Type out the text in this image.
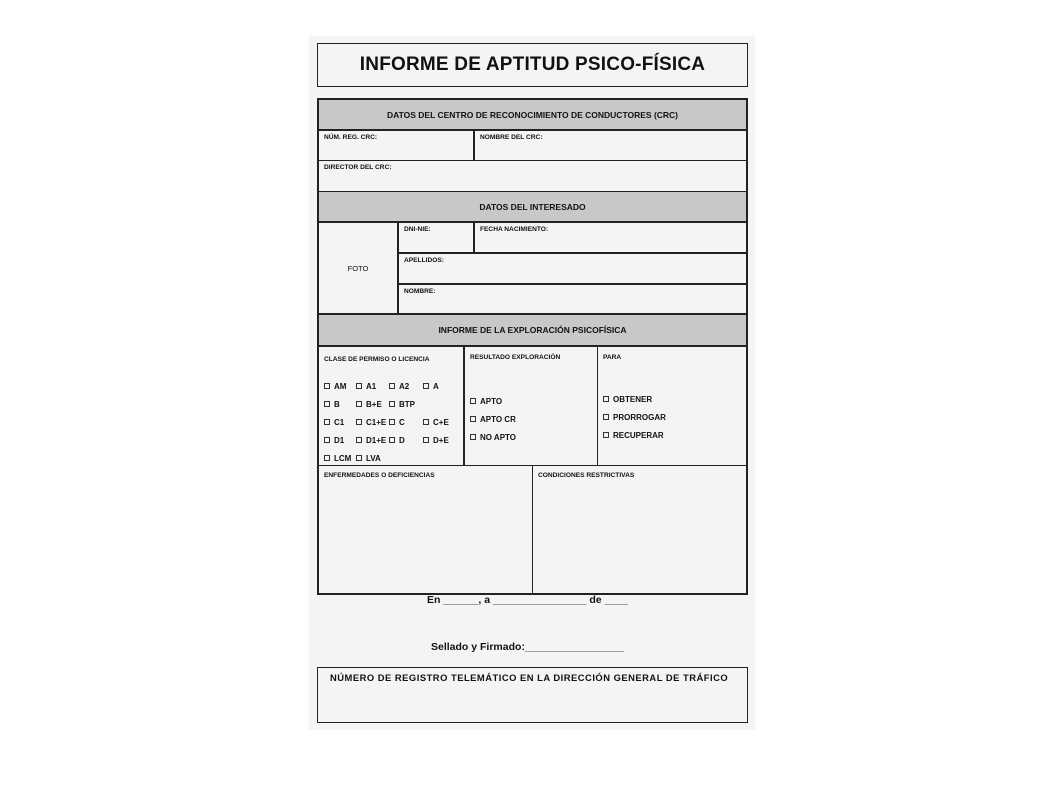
INFORME DE APTITUD PSICO-FÍSICA
DATOS DEL CENTRO DE RECONOCIMIENTO DE CONDUCTORES (CRC)
NÚM. REG. CRC:	NOMBRE DEL CRC:
DIRECTOR DEL CRC:
DATOS DEL INTERESADO
FOTO
DNI-NIE:	FECHA NACIMIENTO:
APELLIDOS:
NOMBRE:
INFORME DE LA EXPLORACIÓN PSICOFÍSICA
CLASE DE PERMISO O LICENCIA
AM	A1	A2	A
B	B+E	BTP
C1	C1+E	C	C+E
D1	D1+E	D	D+E
LCM	LVA
RESULTADO EXPLORACIÓN
APTO
APTO CR
NO APTO
PARA
OBTENER
PRORROGAR
RECUPERAR
ENFERMEDADES O DEFICIENCIAS	CONDICIONES RESTRICTIVAS
En ______, a ________________ de ____
Sellado y Firmado:_________________
NÚMERO DE REGISTRO TELEMÁTICO EN LA DIRECCIÓN GENERAL DE TRÁFICO
